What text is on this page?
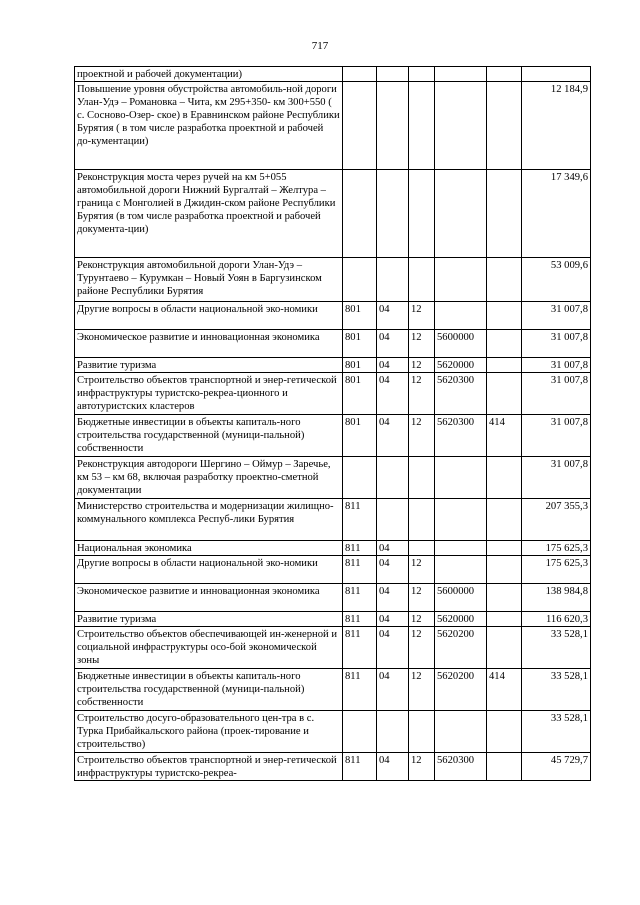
717
проектной и рабочей документации)						
Повышение уровня обустройства автомобиль-ной дороги Улан-Удэ – Романовка – Чита, км 295+350- км 300+550 ( с. Сосново-Озер- ское) в Еравнинском районе Республики Бурятия ( в том числе разработка проектной и рабочей до-кументации)						12 184,9
Реконструкция моста через ручей на км 5+055 автомобильной дороги Нижний Бургалтай – Желтура – граница с Монголией в Джидин-ском районе Республики Бурятия (в том числе разработка проектной и рабочей документа-ции)						17 349,6
Реконструкция автомобильной дороги Улан-Удэ – Турунтаево – Курумкан – Новый Уоян в Баргузинском районе Республики Бурятия						53 009,6
Другие вопросы в области национальной эко-номики	801	04	12			31 007,8
Экономическое развитие и инновационная экономика	801	04	12	5600000		31 007,8
Развитие туризма	801	04	12	5620000		31 007,8
Строительство объектов транспортной и энер-гетической инфраструктуры туристско-рекреа-ционного и автотуристских кластеров	801	04	12	5620300		31 007,8
Бюджетные инвестиции в объекты капиталь-ного строительства государственной (муници-пальной) собственности	801	04	12	5620300	414	31 007,8
Реконструкция автодороги Шергино – Оймур – Заречье, км 53 – км 68, включая разработку проектно-сметной документации						31 007,8
Министерство строительства и модернизации жилищно-коммунального комплекса Респуб-лики Бурятия	811					207 355,3
Национальная экономика	811	04				175 625,3
Другие вопросы в области национальной эко-номики	811	04	12			175 625,3
Экономическое развитие и инновационная экономика	811	04	12	5600000		138 984,8
Развитие туризма	811	04	12	5620000		116 620,3
Строительство объектов обеспечивающей ин-женерной и социальной инфраструктуры осо-бой экономической зоны	811	04	12	5620200		33 528,1
Бюджетные инвестиции в объекты капиталь-ного строительства государственной (муници-пальной) собственности	811	04	12	5620200	414	33 528,1
Строительство досуго-образовательного цен-тра в с. Турка Прибайкальского района (проек-тирование и строительство)						33 528,1
Строительство объектов транспортной и энер-гетической инфраструктуры туристско-рекреа-	811	04	12	5620300		45 729,7
